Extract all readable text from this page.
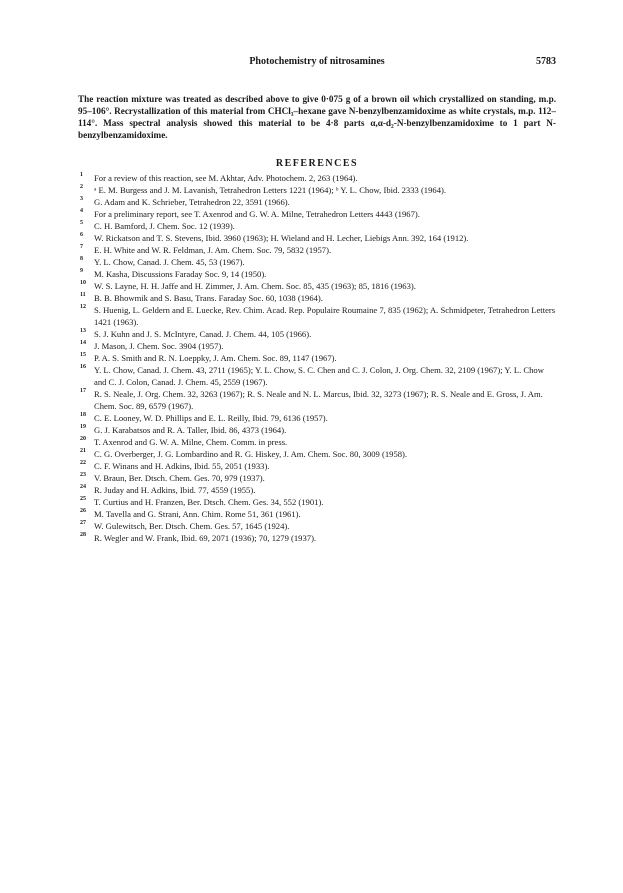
Photochemistry of nitrosamines	5783

The reaction mixture was treated as described above to give 0·075 g of a brown oil which crystallized on standing, m.p. 95–106°. Recrystallization of this material from CHCl₃–hexane gave N-benzylbenzamidoxime as white crystals, m.p. 112–114°. Mass spectral analysis showed this material to be 4·8 parts α,α-d₂-N-benzylbenzamidoxime to 1 part N-benzylbenzamidoxime.

REFERENCES
1 For a review of this reaction, see M. Akhtar, Adv. Photochem. 2, 263 (1964).
2 ᵃ E. M. Burgess and J. M. Lavanish, Tetrahedron Letters 1221 (1964); ᵇ Y. L. Chow, Ibid. 2333 (1964).
3 G. Adam and K. Schrieber, Tetrahedron 22, 3591 (1966).
4 For a preliminary report, see T. Axenrod and G. W. A. Milne, Tetrahedron Letters 4443 (1967).
5 C. H. Bamford, J. Chem. Soc. 12 (1939).
6 W. Rickatson and T. S. Stevens, Ibid. 3960 (1963); H. Wieland and H. Lecher, Liebigs Ann. 392, 164 (1912).
7 E. H. White and W. R. Feldman, J. Am. Chem. Soc. 79, 5832 (1957).
8 Y. L. Chow, Canad. J. Chem. 45, 53 (1967).
9 M. Kasha, Discussions Faraday Soc. 9, 14 (1950).
10 W. S. Layne, H. H. Jaffe and H. Zimmer, J. Am. Chem. Soc. 85, 435 (1963); 85, 1816 (1963).
11 B. B. Bhowmik and S. Basu, Trans. Faraday Soc. 60, 1038 (1964).
12 S. Huenig, L. Geldern and E. Luecke, Rev. Chim. Acad. Rep. Populaire Roumaine 7, 835 (1962); A. Schmidpeter, Tetrahedron Letters 1421 (1963).
13 S. J. Kuhn and J. S. McIntyre, Canad. J. Chem. 44, 105 (1966).
14 J. Mason, J. Chem. Soc. 3904 (1957).
15 P. A. S. Smith and R. N. Loeppky, J. Am. Chem. Soc. 89, 1147 (1967).
16 Y. L. Chow, Canad. J. Chem. 43, 2711 (1965); Y. L. Chow, S. C. Chen and C. J. Colon, J. Org. Chem. 32, 2109 (1967); Y. L. Chow and C. J. Colon, Canad. J. Chem. 45, 2559 (1967).
17 R. S. Neale, J. Org. Chem. 32, 3263 (1967); R. S. Neale and N. L. Marcus, Ibid. 32, 3273 (1967); R. S. Neale and E. Gross, J. Am. Chem. Soc. 89, 6579 (1967).
18 C. E. Looney, W. D. Phillips and E. L. Reilly, Ibid. 79, 6136 (1957).
19 G. J. Karabatsos and R. A. Taller, Ibid. 86, 4373 (1964).
20 T. Axenrod and G. W. A. Milne, Chem. Comm. in press.
21 C. G. Overberger, J. G. Lombardino and R. G. Hiskey, J. Am. Chem. Soc. 80, 3009 (1958).
22 C. F. Winans and H. Adkins, Ibid. 55, 2051 (1933).
23 V. Braun, Ber. Dtsch. Chem. Ges. 70, 979 (1937).
24 R. Juday and H. Adkins, Ibid. 77, 4559 (1955).
25 T. Curtius and H. Franzen, Ber. Dtsch. Chem. Ges. 34, 552 (1901).
26 M. Tavella and G. Strani, Ann. Chim. Rome 51, 361 (1961).
27 W. Gulewitsch, Ber. Dtsch. Chem. Ges. 57, 1645 (1924).
28 R. Wegler and W. Frank, Ibid. 69, 2071 (1936); 70, 1279 (1937).
